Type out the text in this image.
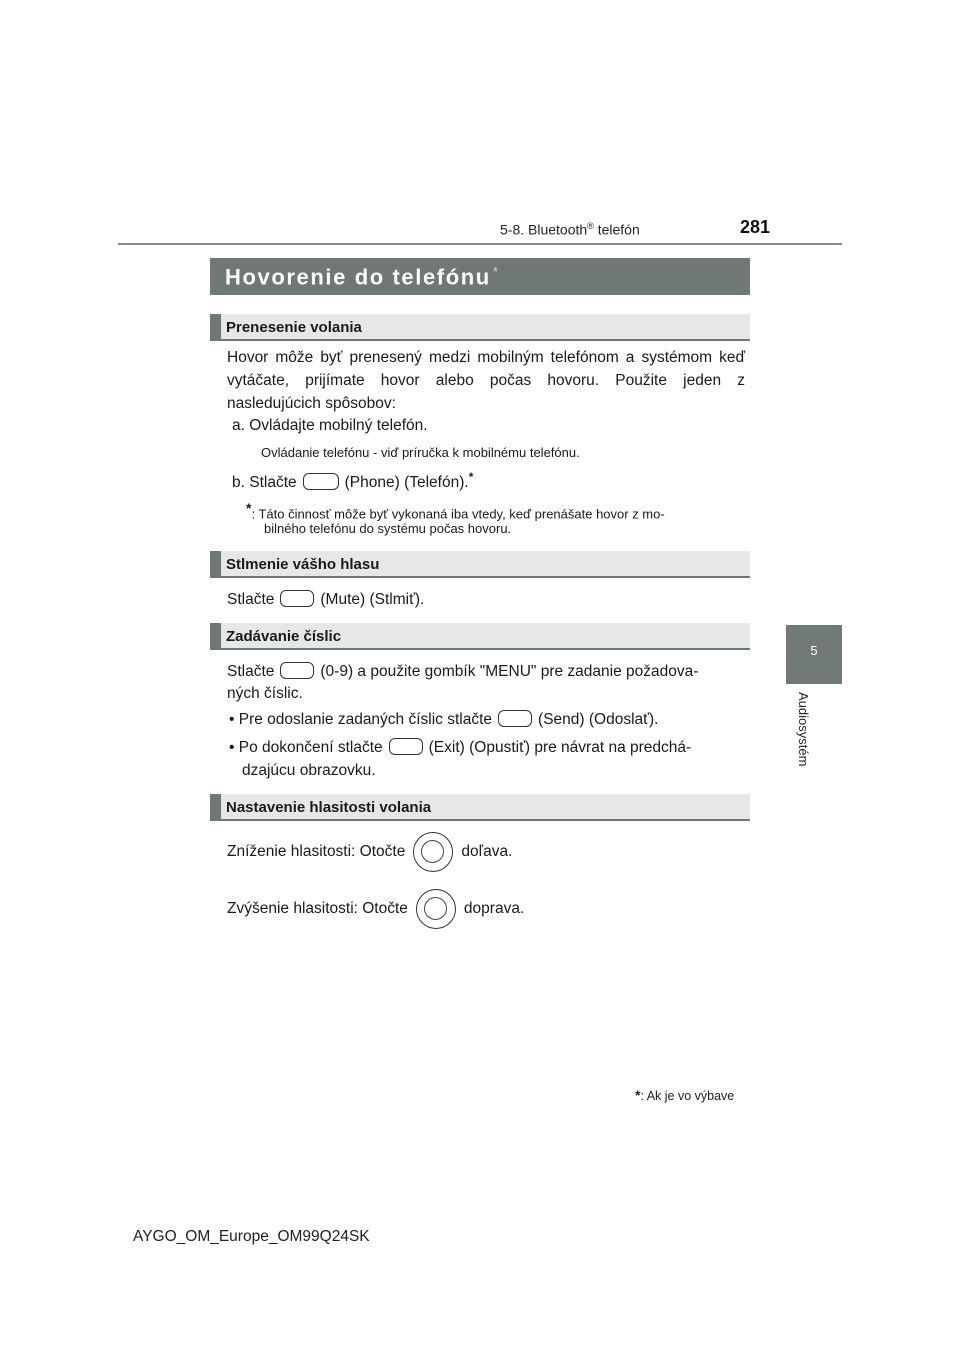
5-8. Bluetooth® telefón	281
5
Audiosystém
Hovorenie do telefónu *
Prenesenie volania
Hovor môže byť prenesený medzi mobilným telefónom a systémom keď vytáčate, prijímate hovor alebo počas hovoru. Použite jeden z nasledujúcich spôsobov:
a. Ovládajte mobilný telefón.
Ovládanie telefónu - viď príručka k mobilnému telefónu.
b. Stlačte	(Phone) (Telefón).*
*: Táto činnosť môže byť vykonaná iba vtedy, keď prenášate hovor z mo-
bilného telefónu do systému počas hovoru.
Stlmenie vášho hlasu
Stlačte	(Mute) (Stlmiť).
Zadávanie číslic
Stlačte	(0-9) a použite gombík "MENU" pre zadanie požadova-
ných číslic.
• Pre odoslanie zadaných číslic stlačte	(Send) (Odoslať).
• Po dokončení stlačte	(Exit) (Opustiť) pre návrat na predchá-
dzajúcu obrazovku.
Nastavenie hlasitosti volania
Zníženie hlasitosti: Otočte	doľava.
Zvýšenie hlasitosti: Otočte	doprava.
*: Ak je vo výbave
AYGO_OM_Europe_OM99Q24SK
